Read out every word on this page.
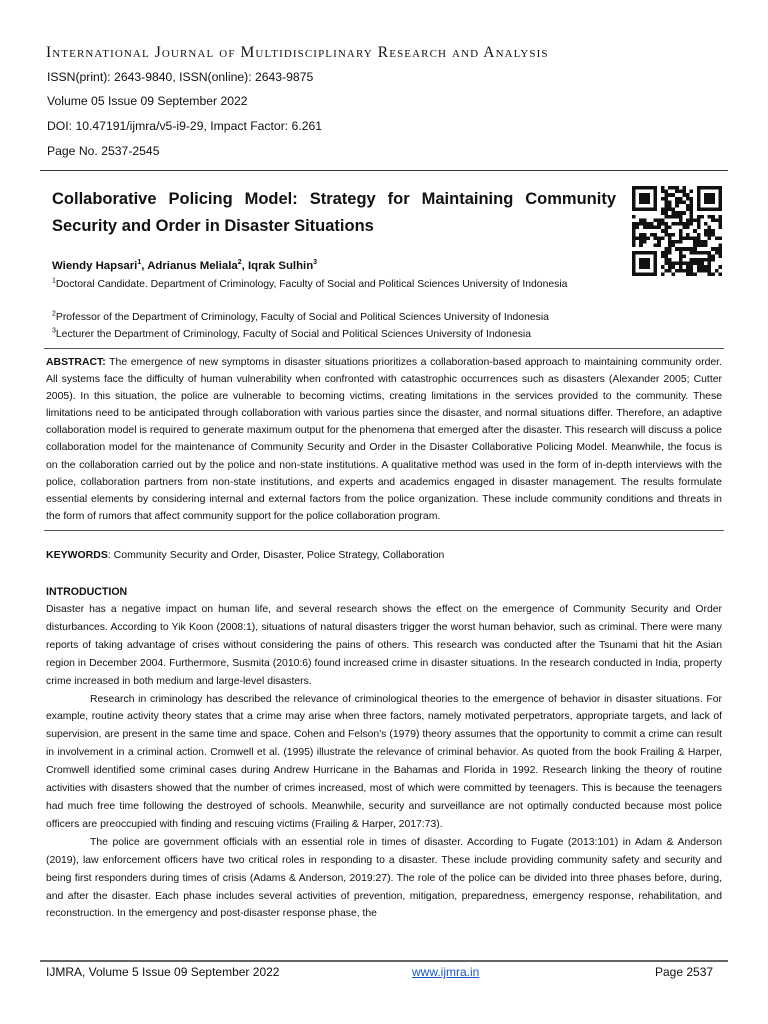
International Journal of Multidisciplinary Research and Analysis
ISSN(print): 2643-9840, ISSN(online): 2643-9875
Volume 05 Issue 09 September 2022
DOI: 10.47191/ijmra/v5-i9-29, Impact Factor: 6.261
Page No. 2537-2545
Collaborative Policing Model: Strategy for Maintaining Community Security and Order in Disaster Situations
Wiendy Hapsari$^1$, Adrianus Meliala$^2$, Iqrak Sulhin$^3$
$^1$Doctoral Candidate. Department of Criminology, Faculty of Social and Political Sciences University of Indonesia
$^2$Professor of the Department of Criminology, Faculty of Social and Political Sciences University of Indonesia
$^3$Lecturer the Department of Criminology, Faculty of Social and Political Sciences University of Indonesia
ABSTRACT: The emergence of new symptoms in disaster situations prioritizes a collaboration-based approach to maintaining community order. All systems face the difficulty of human vulnerability when confronted with catastrophic occurrences such as disasters (Alexander 2005; Cutter 2005). In this situation, the police are vulnerable to becoming victims, creating limitations in the services provided to the community. These limitations need to be anticipated through collaboration with various parties since the disaster, and normal situations differ. Therefore, an adaptive collaboration model is required to generate maximum output for the phenomena that emerged after the disaster. This research will discuss a police collaboration model for the maintenance of Community Security and Order in the Disaster Collaborative Policing Model. Meanwhile, the focus is on the collaboration carried out by the police and non-state institutions. A qualitative method was used in the form of in-depth interviews with the police, collaboration partners from non-state institutions, and experts and academics engaged in disaster management. The results formulate essential elements by considering internal and external factors from the police organization. These include community conditions and threats in the form of rumors that affect community support for the police collaboration program.
KEYWORDS: Community Security and Order, Disaster, Police Strategy, Collaboration
INTRODUCTION

Disaster has a negative impact on human life, and several research shows the effect on the emergence of Community Security and Order disturbances. According to Yik Koon (2008:1), situations of natural disasters trigger the worst human behavior, such as criminal. There were many reports of taking advantage of crises without considering the pains of others. This research was conducted after the Tsunami that hit the Asian region in December 2004. Furthermore, Susmita (2010:6) found increased crime in disaster situations. In the research conducted in India, property crime increased in both medium and large-level disasters.

Research in criminology has described the relevance of criminological theories to the emergence of behavior in disaster situations. For example, routine activity theory states that a crime may arise when three factors, namely motivated perpetrators, appropriate targets, and lack of supervision, are present in the same time and space. Cohen and Felson's (1979) theory assumes that the opportunity to commit a crime can result in involvement in a criminal action. Cromwell et al. (1995) illustrate the relevance of criminal behavior. As quoted from the book Frailing & Harper, Cromwell identified some criminal cases during Andrew Hurricane in the Bahamas and Florida in 1992. Research linking the theory of routine activities with disasters showed that the number of crimes increased, most of which were committed by teenagers. This is because the teenagers had much free time following the destroyed of schools. Meanwhile, security and surveillance are not optimally conducted because most police officers are preoccupied with finding and rescuing victims (Frailing & Harper, 2017:73).

The police are government officials with an essential role in times of disaster. According to Fugate (2013:101) in Adam & Anderson (2019), law enforcement officers have two critical roles in responding to a disaster. These include providing community safety and security and being first responders during times of crisis (Adams & Anderson, 2019:27). The role of the police can be divided into three phases before, during, and after the disaster. Each phase includes several activities of prevention, mitigation, preparedness, emergency response, rehabilitation, and reconstruction. In the emergency and post-disaster response phase, the

IJMRA, Volume 5 Issue 09 September 2022	www.ijmra.in	Page 2537
